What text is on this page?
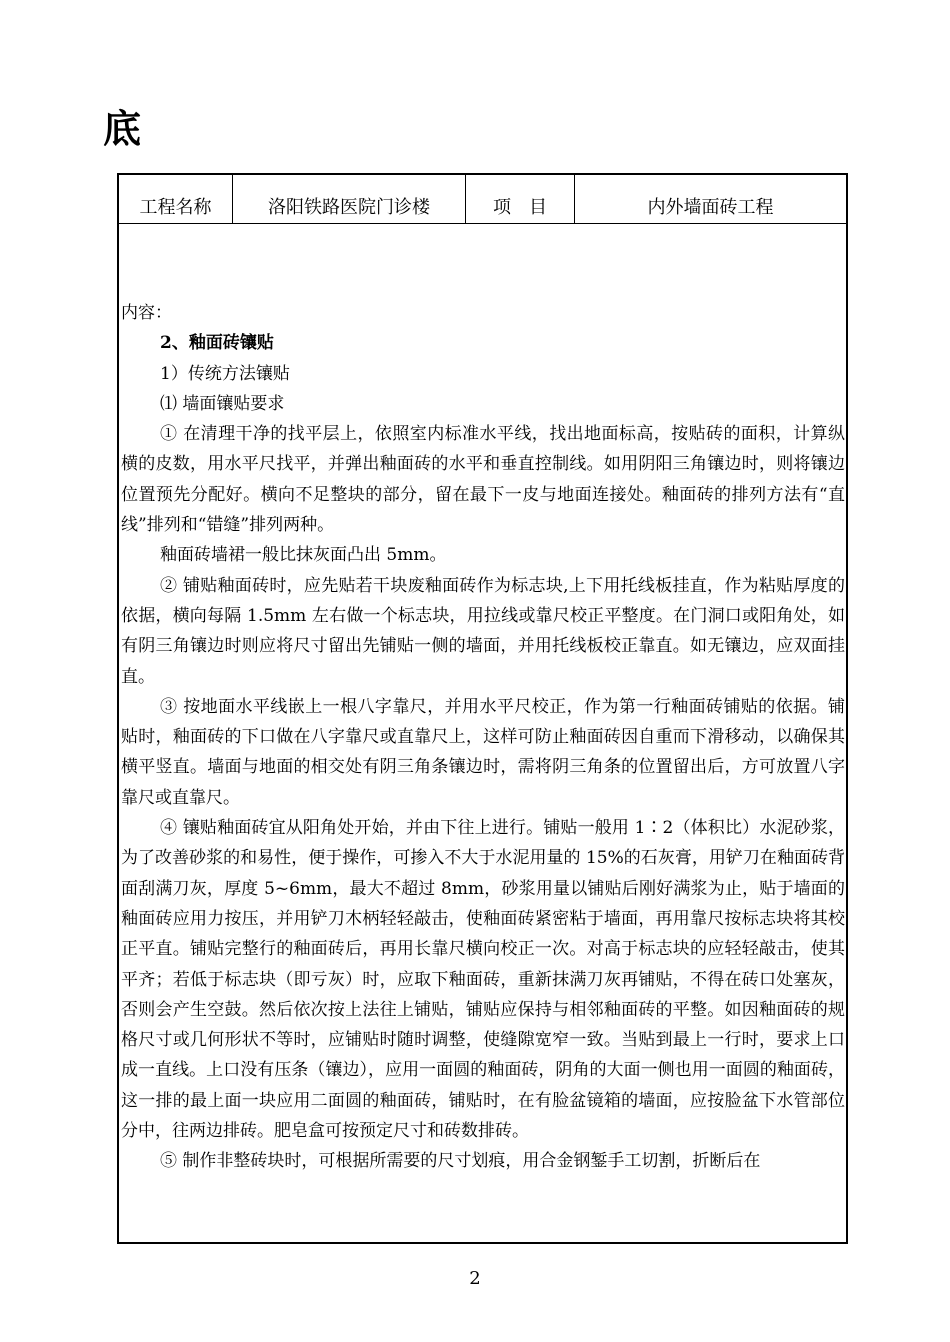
底
工程名称	洛阳铁路医院门诊楼	项　目	内外墙面砖工程

内容：

2、釉面砖镶贴

1）传统方法镶贴

⑴ 墙面镶贴要求

① 在清理干净的找平层上，依照室内标准水平线，找出地面标高，按贴砖的面积，计算纵横的皮数，用水平尺找平，并弹出釉面砖的水平和垂直控制线。如用阴阳三角镶边时，则将镶边位置预先分配好。横向不足整块的部分，留在最下一皮与地面连接处。釉面砖的排列方法有“直线”排列和“错缝”排列两种。

釉面砖墙裙一般比抹灰面凸出 5mm。

② 铺贴釉面砖时，应先贴若干块废釉面砖作为标志块,上下用托线板挂直，作为粘贴厚度的依据，横向每隔 1.5mm 左右做一个标志块，用拉线或靠尺校正平整度。在门洞口或阳角处，如有阴三角镶边时则应将尺寸留出先铺贴一侧的墙面，并用托线板校正靠直。如无镶边，应双面挂直。

③ 按地面水平线嵌上一根八字靠尺，并用水平尺校正，作为第一行釉面砖铺贴的依据。铺贴时，釉面砖的下口做在八字靠尺或直靠尺上，这样可防止釉面砖因自重而下滑移动，以确保其横平竖直。墙面与地面的相交处有阴三角条镶边时，需将阴三角条的位置留出后，方可放置八字靠尺或直靠尺。

④ 镶贴釉面砖宜从阳角处开始，并由下往上进行。铺贴一般用 1∶2（体积比）水泥砂浆，为了改善砂浆的和易性，便于操作，可掺入不大于水泥用量的 15%的石灰膏，用铲刀在釉面砖背面刮满刀灰，厚度 5~6mm，最大不超过 8mm，砂浆用量以铺贴后刚好满浆为止，贴于墙面的釉面砖应用力按压，并用铲刀木柄轻轻敲击，使釉面砖紧密粘于墙面，再用靠尺按标志块将其校正平直。铺贴完整行的釉面砖后，再用长靠尺横向校正一次。对高于标志块的应轻轻敲击，使其平齐；若低于标志块（即亏灰）时，应取下釉面砖，重新抹满刀灰再铺贴，不得在砖口处塞灰，否则会产生空鼓。然后依次按上法往上铺贴，铺贴应保持与相邻釉面砖的平整。如因釉面砖的规格尺寸或几何形状不等时，应铺贴时随时调整，使缝隙宽窄一致。当贴到最上一行时，要求上口成一直线。上口没有压条（镶边），应用一面圆的釉面砖，阴角的大面一侧也用一面圆的釉面砖，这一排的最上面一块应用二面圆的釉面砖，铺贴时，在有脸盆镜箱的墙面，应按脸盆下水管部位分中，往两边排砖。肥皂盒可按预定尺寸和砖数排砖。

⑤ 制作非整砖块时，可根据所需要的尺寸划痕，用合金钢錾手工切割，折断后在

2
